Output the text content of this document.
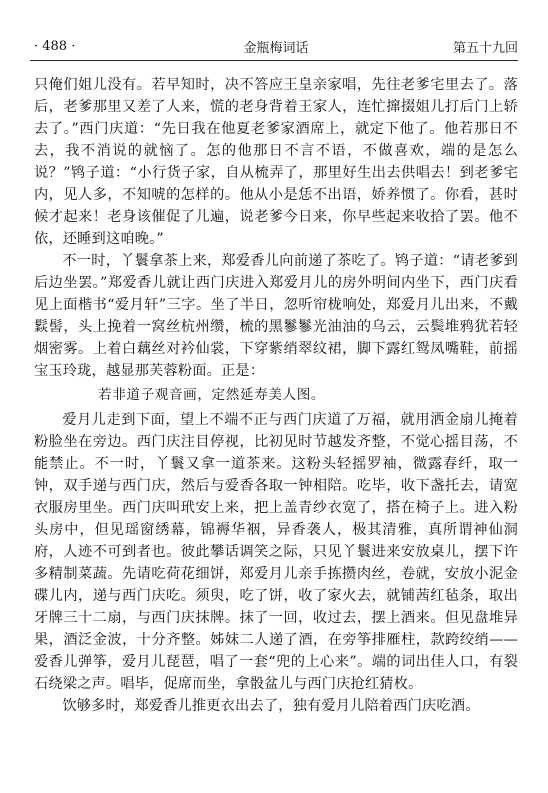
· 488 ·	金瓶梅词话	第五十九回

只俺们姐儿没有。若早知时，决不答应王皇亲家唱，先往老爹宅里去了。落后，老爹那里又差了人来，慌的老身背着王家人，连忙撺掇姐儿打后门上轿去了。”西门庆道：“先日我在他夏老爹家酒席上，就定下他了。他若那日不去，我不消说的就恼了。怎的他那日不言不语，不做喜欢，端的是怎么说？”鸨子道：“小行货子家，自从梳弄了，那里好生出去供唱去！到老爹宅内，见人多，不知唬的怎样的。他从小是恁不出语，娇养惯了。你看，甚时候才起来！老身该催促了儿遍，说老爹今日来，你早些起来收拾了罢。他不依，还睡到这咱晚。”

不一时，丫鬟拿茶上来，郑爱香儿向前递了茶吃了。鸨子道：“请老爹到后边坐罢。”郑爱香儿就让西门庆进入郑爱月儿的房外明间内坐下，西门庆看见上面楷书“爱月轩”三字。坐了半日，忽听帘栊响处，郑爱月儿出来，不戴鬏髻，头上挽着一窝丝杭州缵，梳的黑鬖鬖光油油的乌云，云鬓堆鸦犹若轻烟密雾。上着白藕丝对衿仙裳，下穿紫绡翠纹裙，脚下露红鸳凤嘴鞋，前摇宝玉玲珑，越显那芙蓉粉面。正是：

若非道子观音画，定然延寿美人图。

爱月儿走到下面，望上不端不正与西门庆道了万福，就用洒金扇儿掩着粉脸坐在旁边。西门庆注目停视，比初见时节越发齐整，不觉心摇目荡，不能禁止。不一时，丫鬟又拿一道茶来。这粉头轻摇罗袖，微露春纤，取一钟，双手递与西门庆，然后与爱香各取一钟相陪。吃毕，收下盏托去，请宽衣服房里坐。西门庆叫玳安上来，把上盖青纱衣宽了，搭在椅子上。进入粉头房中，但见瑶窗绣幕，锦褥华裀，异香袭人，极其清雅，真所谓神仙洞府，人迹不可到者也。彼此攀话调笑之际，只见丫鬟进来安放桌儿，摆下许多精制菜蔬。先请吃荷花细饼，郑爱月儿亲手拣攒肉丝，卷就，安放小泥金碟儿内，递与西门庆吃。须臾，吃了饼，收了家火去，就铺茜红毡条，取出牙牌三十二扇，与西门庆抹牌。抹了一回，收过去，摆上酒来。但见盘堆异果，酒泛金波，十分齐整。姊妹二人递了酒，在旁筝排雁柱，款跨绞绡——爱香儿弹筝，爱月儿琵琶，唱了一套“兜的上心来”。端的词出佳人口，有裂石绕梁之声。唱毕，促席而坐，拿骰盆儿与西门庆抢红猜枚。

饮够多时，郑爱香儿推更衣出去了，独有爱月儿陪着西门庆吃酒。
